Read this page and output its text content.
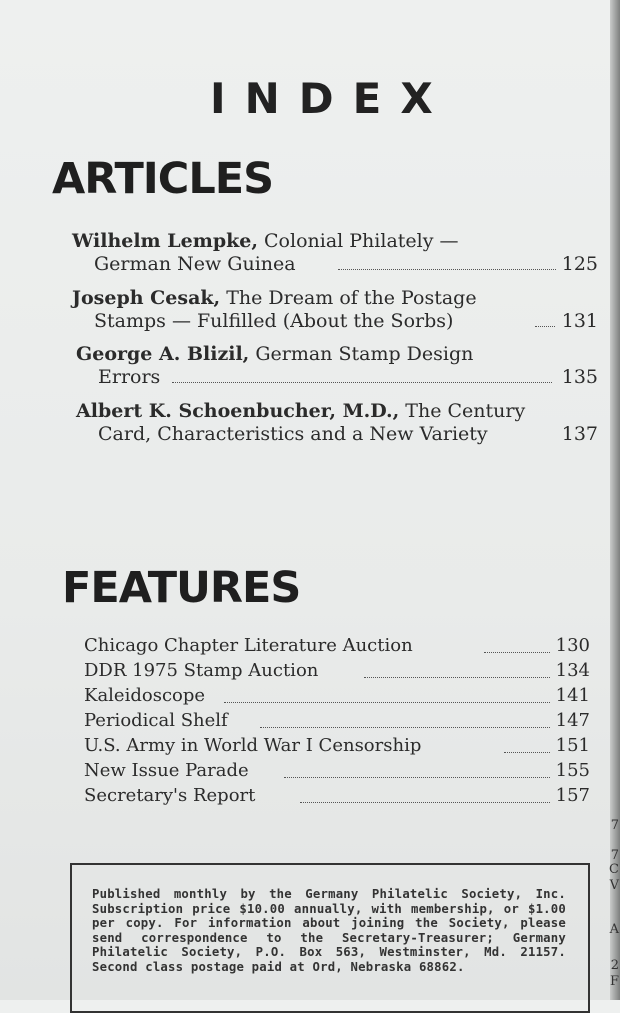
7
7
C
V
A
2
F
INDEX
ARTICLES
Wilhelm Lempke, Colonial Philately —
German New Guinea	125
Joseph Cesak, The Dream of the Postage
Stamps — Fulfilled (About the Sorbs)	131
George A. Blizil, German Stamp Design
Errors	135
Albert K. Schoenbucher, M.D., The Century
Card, Characteristics and a New Variety	137
FEATURES
Chicago Chapter Literature Auction	130
DDR 1975 Stamp Auction	134
Kaleidoscope	141
Periodical Shelf	147
U.S. Army in World War I Censorship	151
New Issue Parade	155
Secretary's Report	157
Published monthly by the Germany Philatelic Society, Inc. Subscription price $10.00 annually, with membership, or $1.00 per copy. For information about joining the Society, please send correspondence to the Secretary-Treasurer; Germany Philatelic Society, P.O. Box 563, Westminster, Md. 21157. Second class postage paid at Ord, Nebraska 68862.
